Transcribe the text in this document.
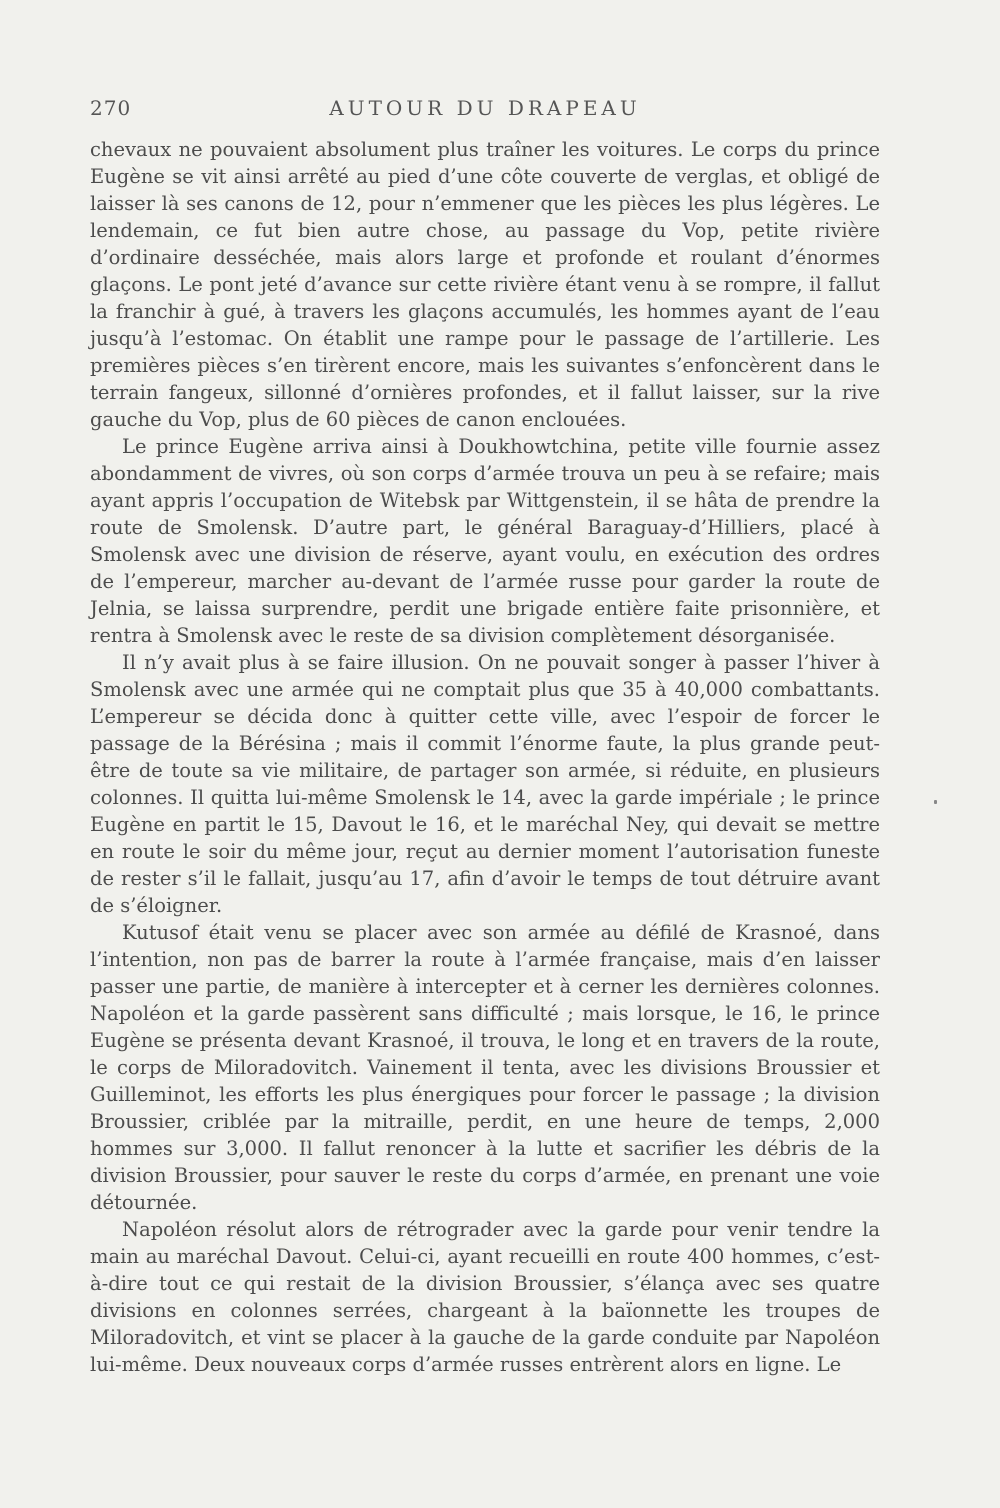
270	AUTOUR DU DRAPEAU

chevaux ne pouvaient absolument plus traîner les voitures. Le corps du prince Eugène se vit ainsi arrêté au pied d’une côte couverte de verglas, et obligé de laisser là ses canons de 12, pour n’emmener que les pièces les plus légères. Le lendemain, ce fut bien autre chose, au passage du Vop, petite rivière d’ordinaire desséchée, mais alors large et profonde et roulant d’énormes glaçons. Le pont jeté d’avance sur cette rivière étant venu à se rompre, il fallut la franchir à gué, à travers les glaçons accumulés, les hommes ayant de l’eau jusqu’à l’estomac. On établit une rampe pour le passage de l’artillerie. Les premières pièces s’en tirèrent encore, mais les suivantes s’enfoncèrent dans le terrain fangeux, sillonné d’ornières profondes, et il fallut laisser, sur la rive gauche du Vop, plus de 60 pièces de canon enclouées.

Le prince Eugène arriva ainsi à Doukhowtchina, petite ville fournie assez abondamment de vivres, où son corps d’armée trouva un peu à se refaire; mais ayant appris l’occupation de Witebsk par Wittgenstein, il se hâta de prendre la route de Smolensk. D’autre part, le général Baraguay-d’Hilliers, placé à Smolensk avec une division de réserve, ayant voulu, en exécution des ordres de l’empereur, marcher au-devant de l’armée russe pour garder la route de Jelnia, se laissa surprendre, perdit une brigade entière faite prisonnière, et rentra à Smolensk avec le reste de sa division complètement désorganisée.

Il n’y avait plus à se faire illusion. On ne pouvait songer à passer l’hiver à Smolensk avec une armée qui ne comptait plus que 35 à 40,000 combattants. L’empereur se décida donc à quitter cette ville, avec l’espoir de forcer le passage de la Bérésina ; mais il commit l’énorme faute, la plus grande peut-être de toute sa vie militaire, de partager son armée, si réduite, en plusieurs colonnes. Il quitta lui-même Smolensk le 14, avec la garde impériale ; le prince Eugène en partit le 15, Davout le 16, et le maréchal Ney, qui devait se mettre en route le soir du même jour, reçut au dernier moment l’autorisation funeste de rester s’il le fallait, jusqu’au 17, afin d’avoir le temps de tout détruire avant de s’éloigner.

Kutusof était venu se placer avec son armée au défilé de Krasnoé, dans l’intention, non pas de barrer la route à l’armée française, mais d’en laisser passer une partie, de manière à intercepter et à cerner les dernières colonnes. Napoléon et la garde passèrent sans difficulté ; mais lorsque, le 16, le prince Eugène se présenta devant Krasnoé, il trouva, le long et en travers de la route, le corps de Miloradovitch. Vainement il tenta, avec les divisions Broussier et Guilleminot, les efforts les plus énergiques pour forcer le passage ; la division Broussier, criblée par la mitraille, perdit, en une heure de temps, 2,000 hommes sur 3,000. Il fallut renoncer à la lutte et sacrifier les débris de la division Broussier, pour sauver le reste du corps d’armée, en prenant une voie détournée.

Napoléon résolut alors de rétrograder avec la garde pour venir tendre la main au maréchal Davout. Celui-ci, ayant recueilli en route 400 hommes, c’est-à-dire tout ce qui restait de la division Broussier, s’élança avec ses quatre divisions en colonnes serrées, chargeant à la baïonnette les troupes de Miloradovitch, et vint se placer à la gauche de la garde conduite par Napoléon lui-même. Deux nouveaux corps d’armée russes entrèrent alors en ligne. Le
